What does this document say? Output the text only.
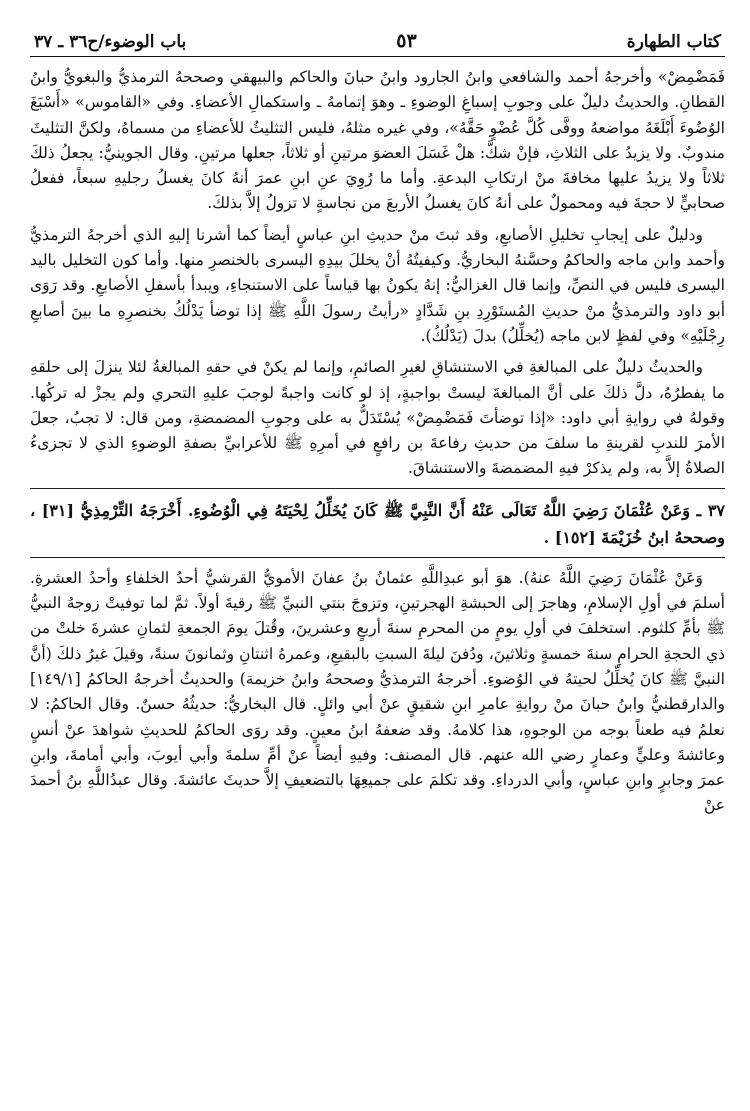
كتاب الطهارة
٥٣
باب الوضوء/ح٣٦ ـ ٣٧

فَمَضْمِضْ» وأخرجهُ أحمد والشافعي وابنُ الجارود وابنُ حبانَ والحاكم والبيهقي وصححهُ الترمذيُّ والبغويُّ وابنُ القطانِ. والحديثُ دليلٌ على وجوبِ إسباغِ الوضوءِ ـ وهوَ إتمامهُ ـ واستكمالِ الأعضاءِ. وفي «القاموس» «أَسْبَغَ الوُضُوءَ أَبْلَغَهُ مواضعهُ ووفَّى كُلَّ عُضْوٍ حَقَّهُ»، وفي غيره مثلهُ، فليس التثليثُ للأعضاءِ من مسماهُ، ولكنَّ التثليثَ مندوبٌ. ولا يزيدُ على الثلاثِ، فإنْ شكَّ: هلْ غَسَلَ العضوَ مرتينِ أو ثلاثاً، جعلها مرتينِ. وقال الجوينيُّ: يجعلُ ذلكَ ثلاثاً ولا يزيدُ عليها مخافةَ منْ ارتكابِ البدعةِ. وأما ما رُوِيَ عنِ ابنِ عمرَ أنهُ كانَ يغسلُ رجليهِ سبعاً، ففعلُ صحابيٍّ لا حجةَ فيه ومحمولٌ على أنهُ كانَ يغسلُ الأربعَ من نجاسةٍ لا تزولُ إلاَّ بذلكَ.

ودليلٌ على إيجابِ تخليلِ الأصابعِ، وقد ثبتَ منْ حديثِ ابنِ عباسٍ أيضاً كما أشرنا إليهِ الذي أخرجهُ الترمذيُّ وأحمد وابن ماجه والحاكمُ وحسَّنهُ البخاريُّ. وكيفيتُهُ أنْ يخللَ بيدِهِ اليسرى بالخنصرِ منها. وأما كون التخليل باليد اليسرى فليس في النصِّ، وإنما قال الغزاليُّ: إنهُ يكونُ بها قياساً على الاستنجاءِ، ويبدأ بأسفلِ الأصابعِ. وقد رَوَى أبو داود والترمذيُّ منْ حديثِ المُستَوْرِدِ بنِ شَدَّادٍ «رأيتُ رسولَ اللَّهِ ﷺ إذا توضأ يَدْلُكُ بخنصرِهِ ما بينَ أصابعِ رِجْلَيْهِ» وفي لفظٍ لابن ماجه (يُخلِّلُ) بدلَ (يَدْلُكُ).

والحديثُ دليلٌ على المبالغةِ في الاستنشاقِ لغيرِ الصائمِ، وإنما لم يكنْ في حقهِ المبالغةُ لئلا ينزلَ إلى حلقهِ ما يفطرُهُ، دلَّ ذلكَ على أنَّ المبالغةَ ليستْ بواجبةٍ، إذ لو كانت واجبةً لوجبَ عليهِ التحري ولم يجزْ له تركُها. وقولهُ في روايةِ أبي داود: «إذا توضأتَ فَمَضْمِضْ» يُسْتَدَلُّ به على وجوبِ المضمضةِ، ومن قال: لا تجبُ، جعلَ الأمرَ للندبِ لقرينةِ ما سلفَ من حديثِ رفاعةَ بن رافعٍ في أمرِهِ ﷺ للأعرابيِّ بصفةِ الوضوءِ الذي لا تجزىءُ الصلاةُ إلاَّ به، ولم يذكرْ فيهِ المضمضةَ والاستنشاقَ.

٣٧ ـ وَعَنْ عُثْمَانَ رَضِيَ اللَّهُ تَعَالَى عَنْهُ أَنَّ النَّبِيَّ ﷺ كَانَ يُخَلِّلُ لِحْيَتَهُ فِي الْوُضُوءِ. أَخْرَجَهُ التِّرْمِذِيُّ [٣١] ، وصححهُ ابنُ خُزَيْمَةَ [١٥٢] .

وَعَنْ عُثْمَانَ رَضِيَ اللَّهُ عنهُ). هوَ أبو عبدِاللَّهِ عثمانُ بنُ عفانَ الأمويُّ القرشيُّ أحدُ الخلفاءِ وأحدُ العشرةِ. أسلمَ في أولِ الإسلامِ، وهاجرَ إلى الحبشةِ الهجرتينِ، وتزوجَ بنتي النبيِّ ﷺ رقيةَ أولاً. ثمَّ لما توفيتْ زوجهُ النبيُّ ﷺ بأمِّ كلثوم. استخلفَ في أولِ يومٍ من المحرمِ سنةَ أربعٍ وعشرينَ، وقُتلَ يومَ الجمعةِ لثمانِ عشرةَ خلتْ من ذي الحجةِ الحرامِ سنةَ خمسةٍ وثلاثينَ، ودُفنَ ليلةَ السبتِ بالبقيعِ، وعمرهُ اثنتانِ وثمانونَ سنةً، وقيلَ غيرُ ذلكَ (أنَّ النبيَّ ﷺ كانَ يُخلِّلُ لحيتهُ في الوُضوءِ. أخرجهُ الترمذيُّ وصححهُ وابنُ خزيمة) والحديثُ أخرجهُ الحاكمُ [١٤٩/١] والدارقطنيُّ وابنُ حبانَ منْ روايةِ عامرِ ابنِ شقيقٍ عنْ أبي وائلٍ. قال البخاريُّ: حديثُهُ حسنٌ. وقال الحاكمُ: لا نعلمُ فيه طعناً بوجه من الوجوهِ، هذا كلامهُ. وقد ضعفهُ ابنُ معينٍ. وقد روَى الحاكمُ للحديثِ شواهدَ عنْ أنسٍ وعائشةَ وعليٍّ وعمارٍ رضي الله عنهم. قال المصنف: وفيهِ أيضاً عنْ أمِّ سلمةَ وأبي أيوبَ، وأبي أمامةَ، وابنِ عمرَ وجابرٍ وابنِ عباسٍ، وأبي الدرداءِ. وقد تكلمَ على جميعِهَا بالتضعيفِ إلاَّ حديثَ عائشةَ. وقال عبدُاللَّهِ بنُ أحمدَ عنْ
